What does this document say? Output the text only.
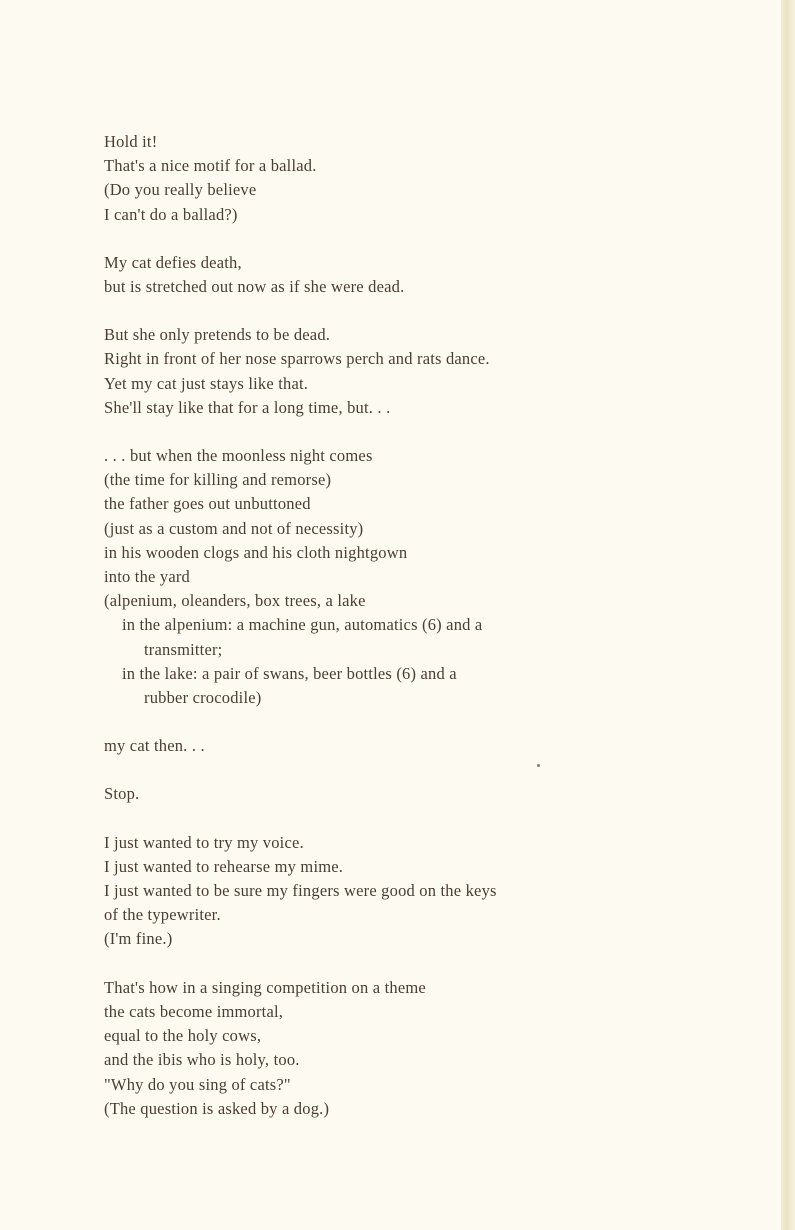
Hold it!
That's a nice motif for a ballad.
(Do you really believe
I can't do a ballad?)
My cat defies death,
but is stretched out now as if she were dead.
But she only pretends to be dead.
Right in front of her nose sparrows perch and rats dance.
Yet my cat just stays like that.
She'll stay like that for a long time, but. . .
. . . but when the moonless night comes
(the time for killing and remorse)
the father goes out unbuttoned
(just as a custom and not of necessity)
in his wooden clogs and his cloth nightgown
into the yard
(alpenium, oleanders, box trees, a lake
in the alpenium: a machine gun, automatics (6) and a
transmitter;
in the lake: a pair of swans, beer bottles (6) and a
rubber crocodile)
my cat then. . .
Stop.
I just wanted to try my voice.
I just wanted to rehearse my mime.
I just wanted to be sure my fingers were good on the keys
of the typewriter.
(I'm fine.)
That's how in a singing competition on a theme
the cats become immortal,
equal to the holy cows,
and the ibis who is holy, too.
"Why do you sing of cats?"
(The question is asked by a dog.)
